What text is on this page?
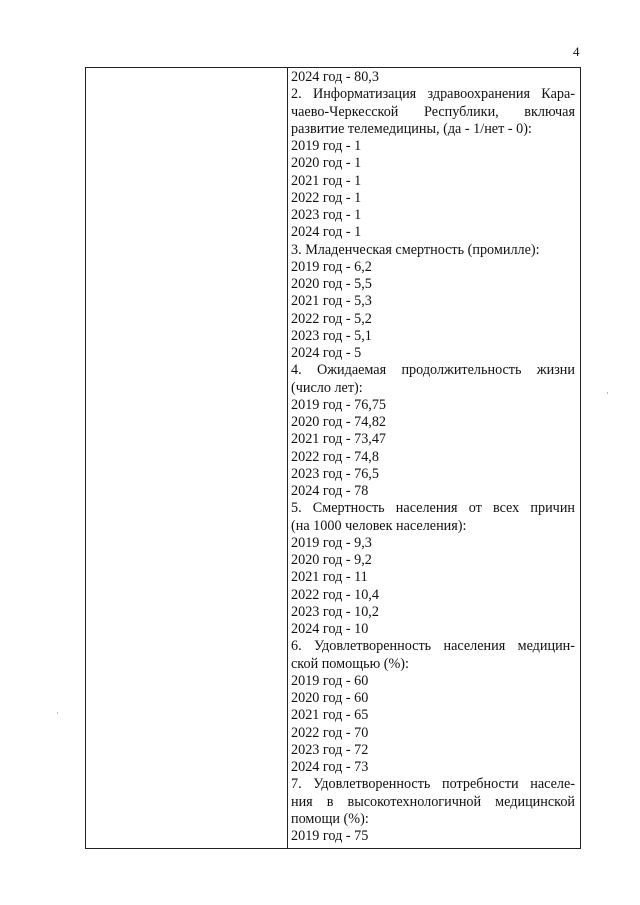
4
2024 год - 80,3
2. Информатизация здравоохранения Кара-
чаево-Черкесской Республики, включая
развитие телемедицины, (да - 1/нет - 0):
2019 год - 1
2020 год - 1
2021 год - 1
2022 год - 1
2023 год - 1
2024 год - 1
3. Младенческая смертность (промилле):
2019 год - 6,2
2020 год - 5,5
2021 год - 5,3
2022 год - 5,2
2023 год - 5,1
2024 год - 5
4. Ожидаемая продолжительность жизни
(число лет):
2019 год - 76,75
2020 год - 74,82
2021 год - 73,47
2022 год - 74,8
2023 год - 76,5
2024 год - 78
5. Смертность населения от всех причин
(на 1000 человек населения):
2019 год - 9,3
2020 год - 9,2
2021 год - 11
2022 год - 10,4
2023 год - 10,2
2024 год - 10
6. Удовлетворенность населения медицин-
ской помощью (%):
2019 год - 60
2020 год - 60
2021 год - 65
2022 год - 70
2023 год - 72
2024 год - 73
7. Удовлетворенность потребности населе-
ния в высокотехнологичной медицинской
помощи (%):
2019 год - 75
